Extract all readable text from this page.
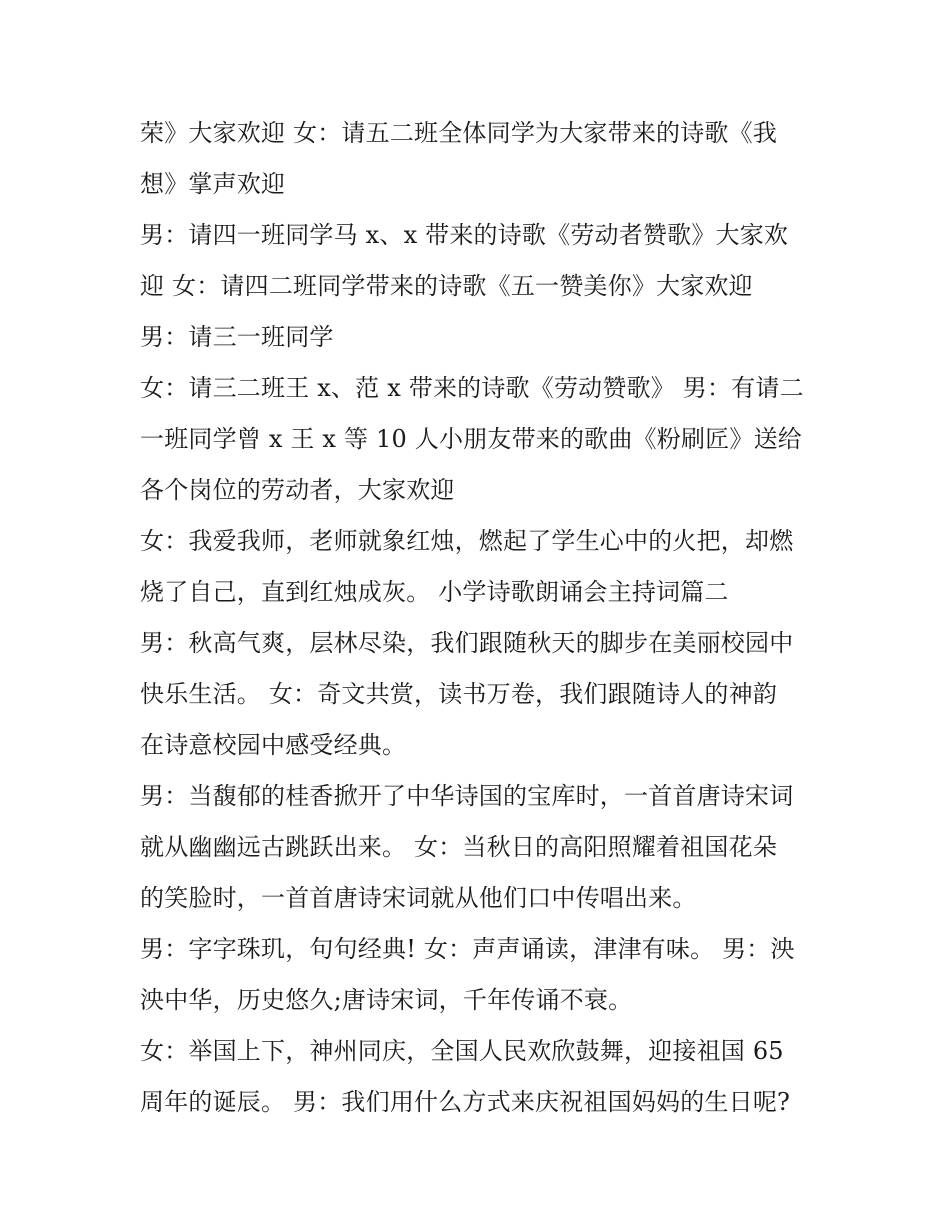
荣》大家欢迎 女：请五二班全体同学为大家带来的诗歌《我
想》掌声欢迎
男：请四一班同学马 x、x 带来的诗歌《劳动者赞歌》大家欢
迎 女：请四二班同学带来的诗歌《五一赞美你》大家欢迎
男：请三一班同学
女：请三二班王 x、范 x 带来的诗歌《劳动赞歌》 男：有请二
一班同学曾 x 王 x 等 10 人小朋友带来的歌曲《粉刷匠》送给
各个岗位的劳动者，大家欢迎
女：我爱我师，老师就象红烛，燃起了学生心中的火把，却燃
烧了自己，直到红烛成灰。 小学诗歌朗诵会主持词篇二
男：秋高气爽，层林尽染，我们跟随秋天的脚步在美丽校园中
快乐生活。 女：奇文共赏，读书万卷，我们跟随诗人的神韵
在诗意校园中感受经典。
男：当馥郁的桂香掀开了中华诗国的宝库时，一首首唐诗宋词
就从幽幽远古跳跃出来。 女：当秋日的高阳照耀着祖国花朵
的笑脸时，一首首唐诗宋词就从他们口中传唱出来。
男：字字珠玑，句句经典! 女：声声诵读，津津有味。 男：泱
泱中华，历史悠久;唐诗宋词，千年传诵不衰。
女：举国上下，神州同庆，全国人民欢欣鼓舞，迎接祖国 65
周年的诞辰。 男：我们用什么方式来庆祝祖国妈妈的生日呢?
